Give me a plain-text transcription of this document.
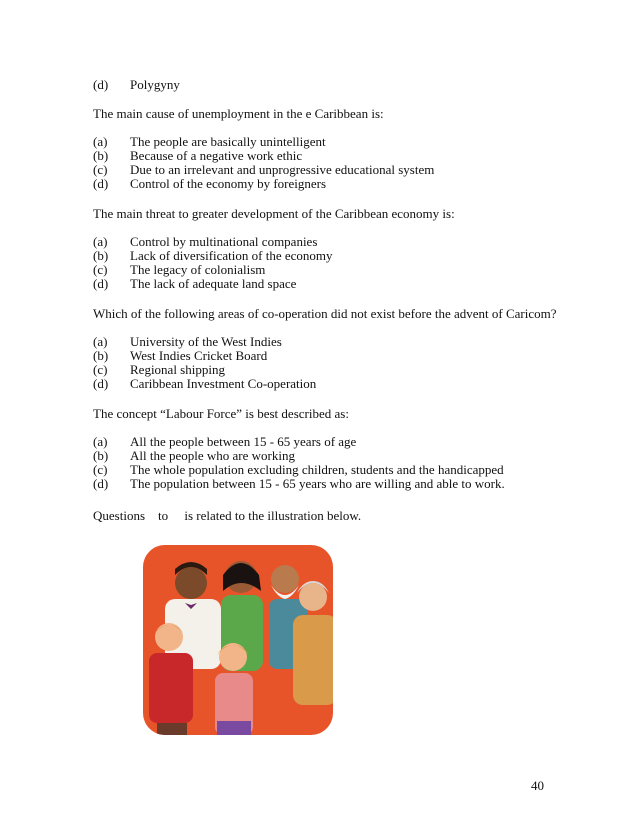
(d) Polygyny
The main cause of unemployment in the e Caribbean is:
(a) The people are basically unintelligent
(b) Because of a negative work ethic
(c) Due to an irrelevant and unprogressive educational system
(d) Control of the economy by foreigners
The main threat to greater development of the Caribbean economy is:
(a) Control by multinational companies
(b) Lack of diversification of the economy
(c) The legacy of colonialism
(d) The lack of adequate land space
Which of the following areas of co-operation did not exist before the advent of Caricom?
(a) University of the West Indies
(b) West Indies Cricket Board
(c) Regional shipping
(d) Caribbean Investment Co-operation
The concept “Labour Force” is best described as:
(a) All the people between 15 - 65 years of age
(b) All the people who are working
(c) The whole population excluding children, students and the handicapped
(d) The population between 15 - 65 years who are willing and able to work.
Questions    to     is related to the illustration below.
40
